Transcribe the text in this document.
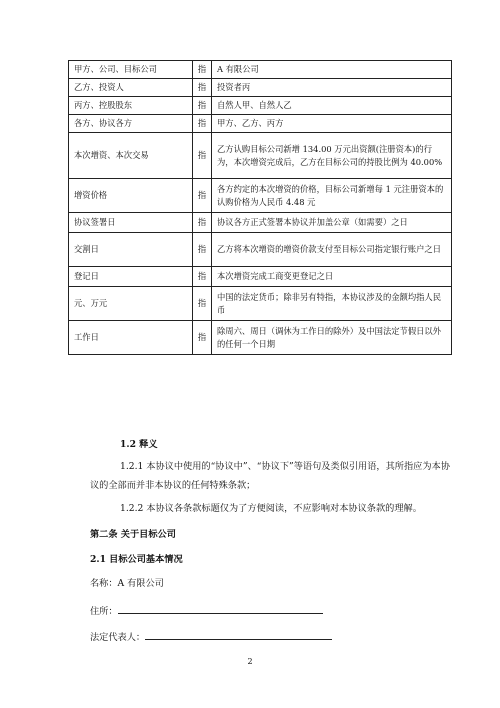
甲方、公司、目标公司	指	A 有限公司
乙方、投资人	指	投资者丙
丙方、控股股东	指	自然人甲、自然人乙
各方、协议各方	指	甲方、乙方、丙方
本次增资、本次交易	指	乙方认购目标公司新增 134.00 万元出资额(注册资本)的行为，本次增资完成后，乙方在目标公司的持股比例为 40.00%
增资价格	指	各方约定的本次增资的价格，目标公司新增每 1 元注册资本的认购价格为人民币 4.48 元
协议签署日	指	协议各方正式签署本协议并加盖公章（如需要）之日
交割日	指	乙方将本次增资的增资价款支付至目标公司指定银行账户之日
登记日	指	本次增资完成工商变更登记之日
元、万元	指	中国的法定货币；除非另有特指，本协议涉及的金额均指人民币
工作日	指	除周六、周日（调休为工作日的除外）及中国法定节假日以外的任何一个日期
1.2 释义
1.2.1 本协议中使用的“协议中”、“协议下”等语句及类似引用语，其所指应为本协议的全部而并非本协议的任何特殊条款；
1.2.2 本协议各条款标题仅为了方便阅读，不应影响对本协议条款的理解。
第二条 关于目标公司
2.1 目标公司基本情况
名称：A 有限公司
住所：
法定代表人：
2
